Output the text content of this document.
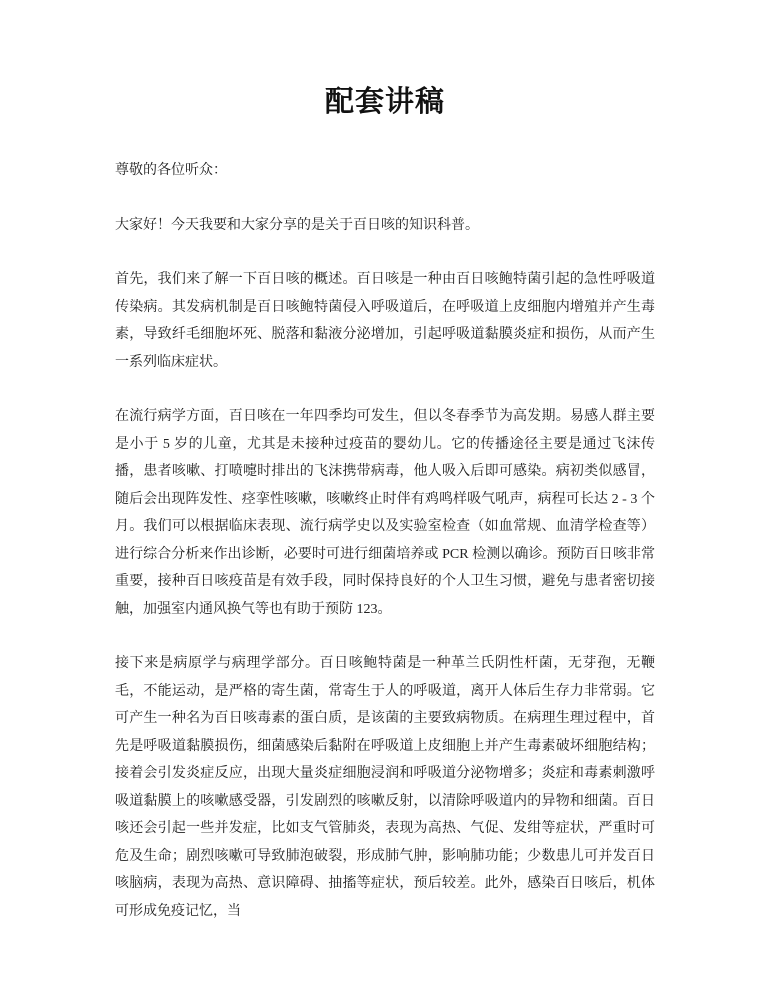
配套讲稿

尊敬的各位听众：

大家好！今天我要和大家分享的是关于百日咳的知识科普。

首先，我们来了解一下百日咳的概述。百日咳是一种由百日咳鲍特菌引起的急性呼吸道传染病。其发病机制是百日咳鲍特菌侵入呼吸道后，在呼吸道上皮细胞内增殖并产生毒素，导致纤毛细胞坏死、脱落和黏液分泌增加，引起呼吸道黏膜炎症和损伤，从而产生一系列临床症状。

在流行病学方面，百日咳在一年四季均可发生，但以冬春季节为高发期。易感人群主要是小于 5 岁的儿童，尤其是未接种过疫苗的婴幼儿。它的传播途径主要是通过飞沫传播，患者咳嗽、打喷嚏时排出的飞沫携带病毒，他人吸入后即可感染。病初类似感冒，随后会出现阵发性、痉挛性咳嗽，咳嗽终止时伴有鸡鸣样吸气吼声，病程可长达 2 - 3 个月。我们可以根据临床表现、流行病学史以及实验室检查（如血常规、血清学检查等）进行综合分析来作出诊断，必要时可进行细菌培养或 PCR 检测以确诊。预防百日咳非常重要，接种百日咳疫苗是有效手段，同时保持良好的个人卫生习惯，避免与患者密切接触，加强室内通风换气等也有助于预防 123。

接下来是病原学与病理学部分。百日咳鲍特菌是一种革兰氏阴性杆菌，无芽孢，无鞭毛，不能运动，是严格的寄生菌，常寄生于人的呼吸道，离开人体后生存力非常弱。它可产生一种名为百日咳毒素的蛋白质，是该菌的主要致病物质。在病理生理过程中，首先是呼吸道黏膜损伤，细菌感染后黏附在呼吸道上皮细胞上并产生毒素破坏细胞结构；接着会引发炎症反应，出现大量炎症细胞浸润和呼吸道分泌物增多；炎症和毒素刺激呼吸道黏膜上的咳嗽感受器，引发剧烈的咳嗽反射，以清除呼吸道内的异物和细菌。百日咳还会引起一些并发症，比如支气管肺炎，表现为高热、气促、发绀等症状，严重时可危及生命；剧烈咳嗽可导致肺泡破裂，形成肺气肿，影响肺功能；少数患儿可并发百日咳脑病，表现为高热、意识障碍、抽搐等症状，预后较差。此外，感染百日咳后，机体可形成免疫记忆，当
